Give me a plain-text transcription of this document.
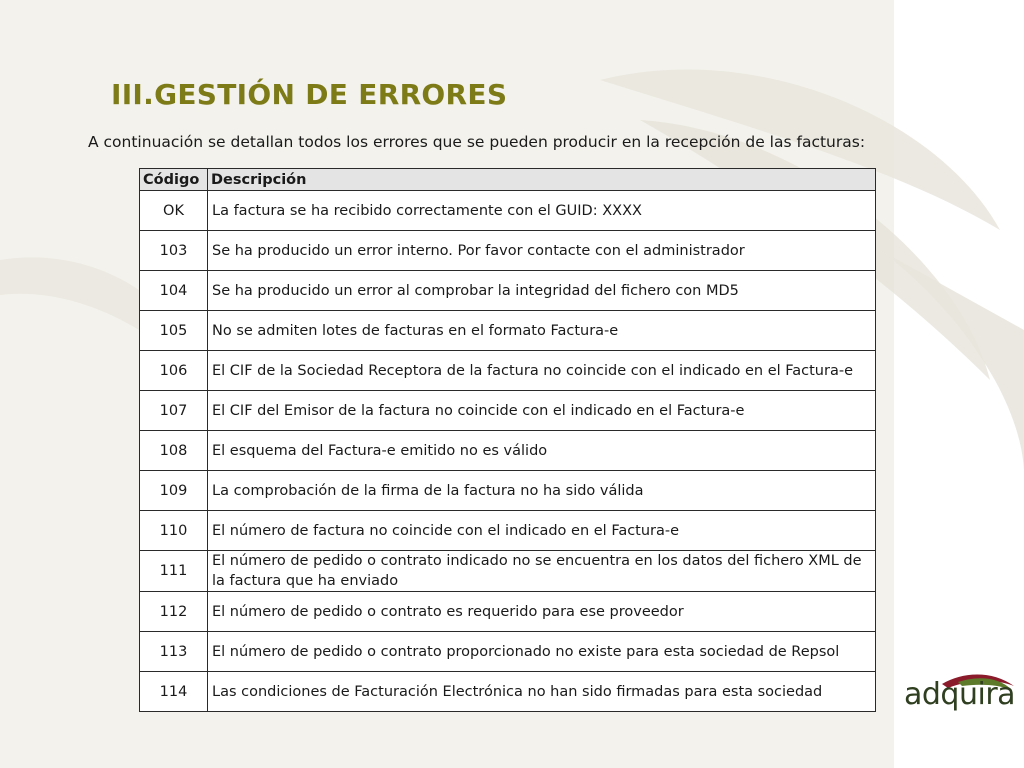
III.GESTIÓN DE ERRORES
A continuación se detallan todos los errores que se pueden producir en la recepción de las facturas:
Código	Descripción
OK	La factura se ha recibido correctamente con el GUID: XXXX
103	Se ha producido un error interno. Por favor contacte con el administrador
104	Se ha producido un error al comprobar la integridad del fichero con MD5
105	No se admiten lotes de facturas en el formato Factura-e
106	El CIF de la Sociedad Receptora de la factura no coincide con el indicado en el Factura-e
107	El CIF del Emisor de la factura no coincide con el indicado en el Factura-e
108	El esquema del Factura-e emitido no es válido
109	La comprobación de la firma de la factura no ha sido válida
110	El número de factura no coincide con el indicado en el Factura-e
111	El número de pedido o contrato indicado no se encuentra en los datos del fichero XML de la factura que ha enviado
112	El número de pedido o contrato es requerido para ese proveedor
113	El número de pedido o contrato proporcionado no existe para esta sociedad de Repsol
114	Las condiciones de Facturación Electrónica no han sido firmadas para esta sociedad	adquira
